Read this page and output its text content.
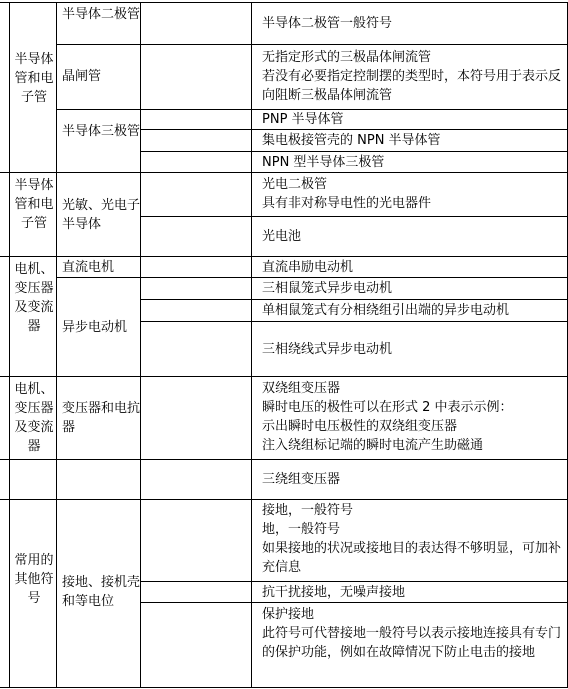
半导体管和电子管
半导体管和电子管
电机、变压器及变流器
电机、变压器及变流器
常用的其他符号
半导体二极管
晶闸管
半导体三极管
光敏、光电子半导体
直流电机
异步电动机
变压器和电抗器
接地、接机壳和等电位
半导体二极管一般符号
无指定形式的三极晶体闸流管
若没有必要指定控制摆的类型时，本符号用于表示反向阻断三极晶体闸流管
PNP 半导体管
集电极接管壳的 NPN 半导体管
NPN 型半导体三极管
光电二极管
具有非对称导电性的光电器件
光电池
直流串励电动机
三相鼠笼式异步电动机
单相鼠笼式有分相绕组引出端的异步电动机
三相绕线式异步电动机
双绕组变压器
瞬时电压的极性可以在形式 2 中表示示例：
示出瞬时电压极性的双绕组变压器
注入绕组标记端的瞬时电流产生助磁通
三绕组变压器
接地，一般符号
地，一般符号
如果接地的状况或接地目的表达得不够明显，可加补充信息
抗干扰接地，无噪声接地
保护接地
此符号可代替接地一般符号以表示接地连接具有专门的保护功能，例如在故障情况下防止电击的接地
